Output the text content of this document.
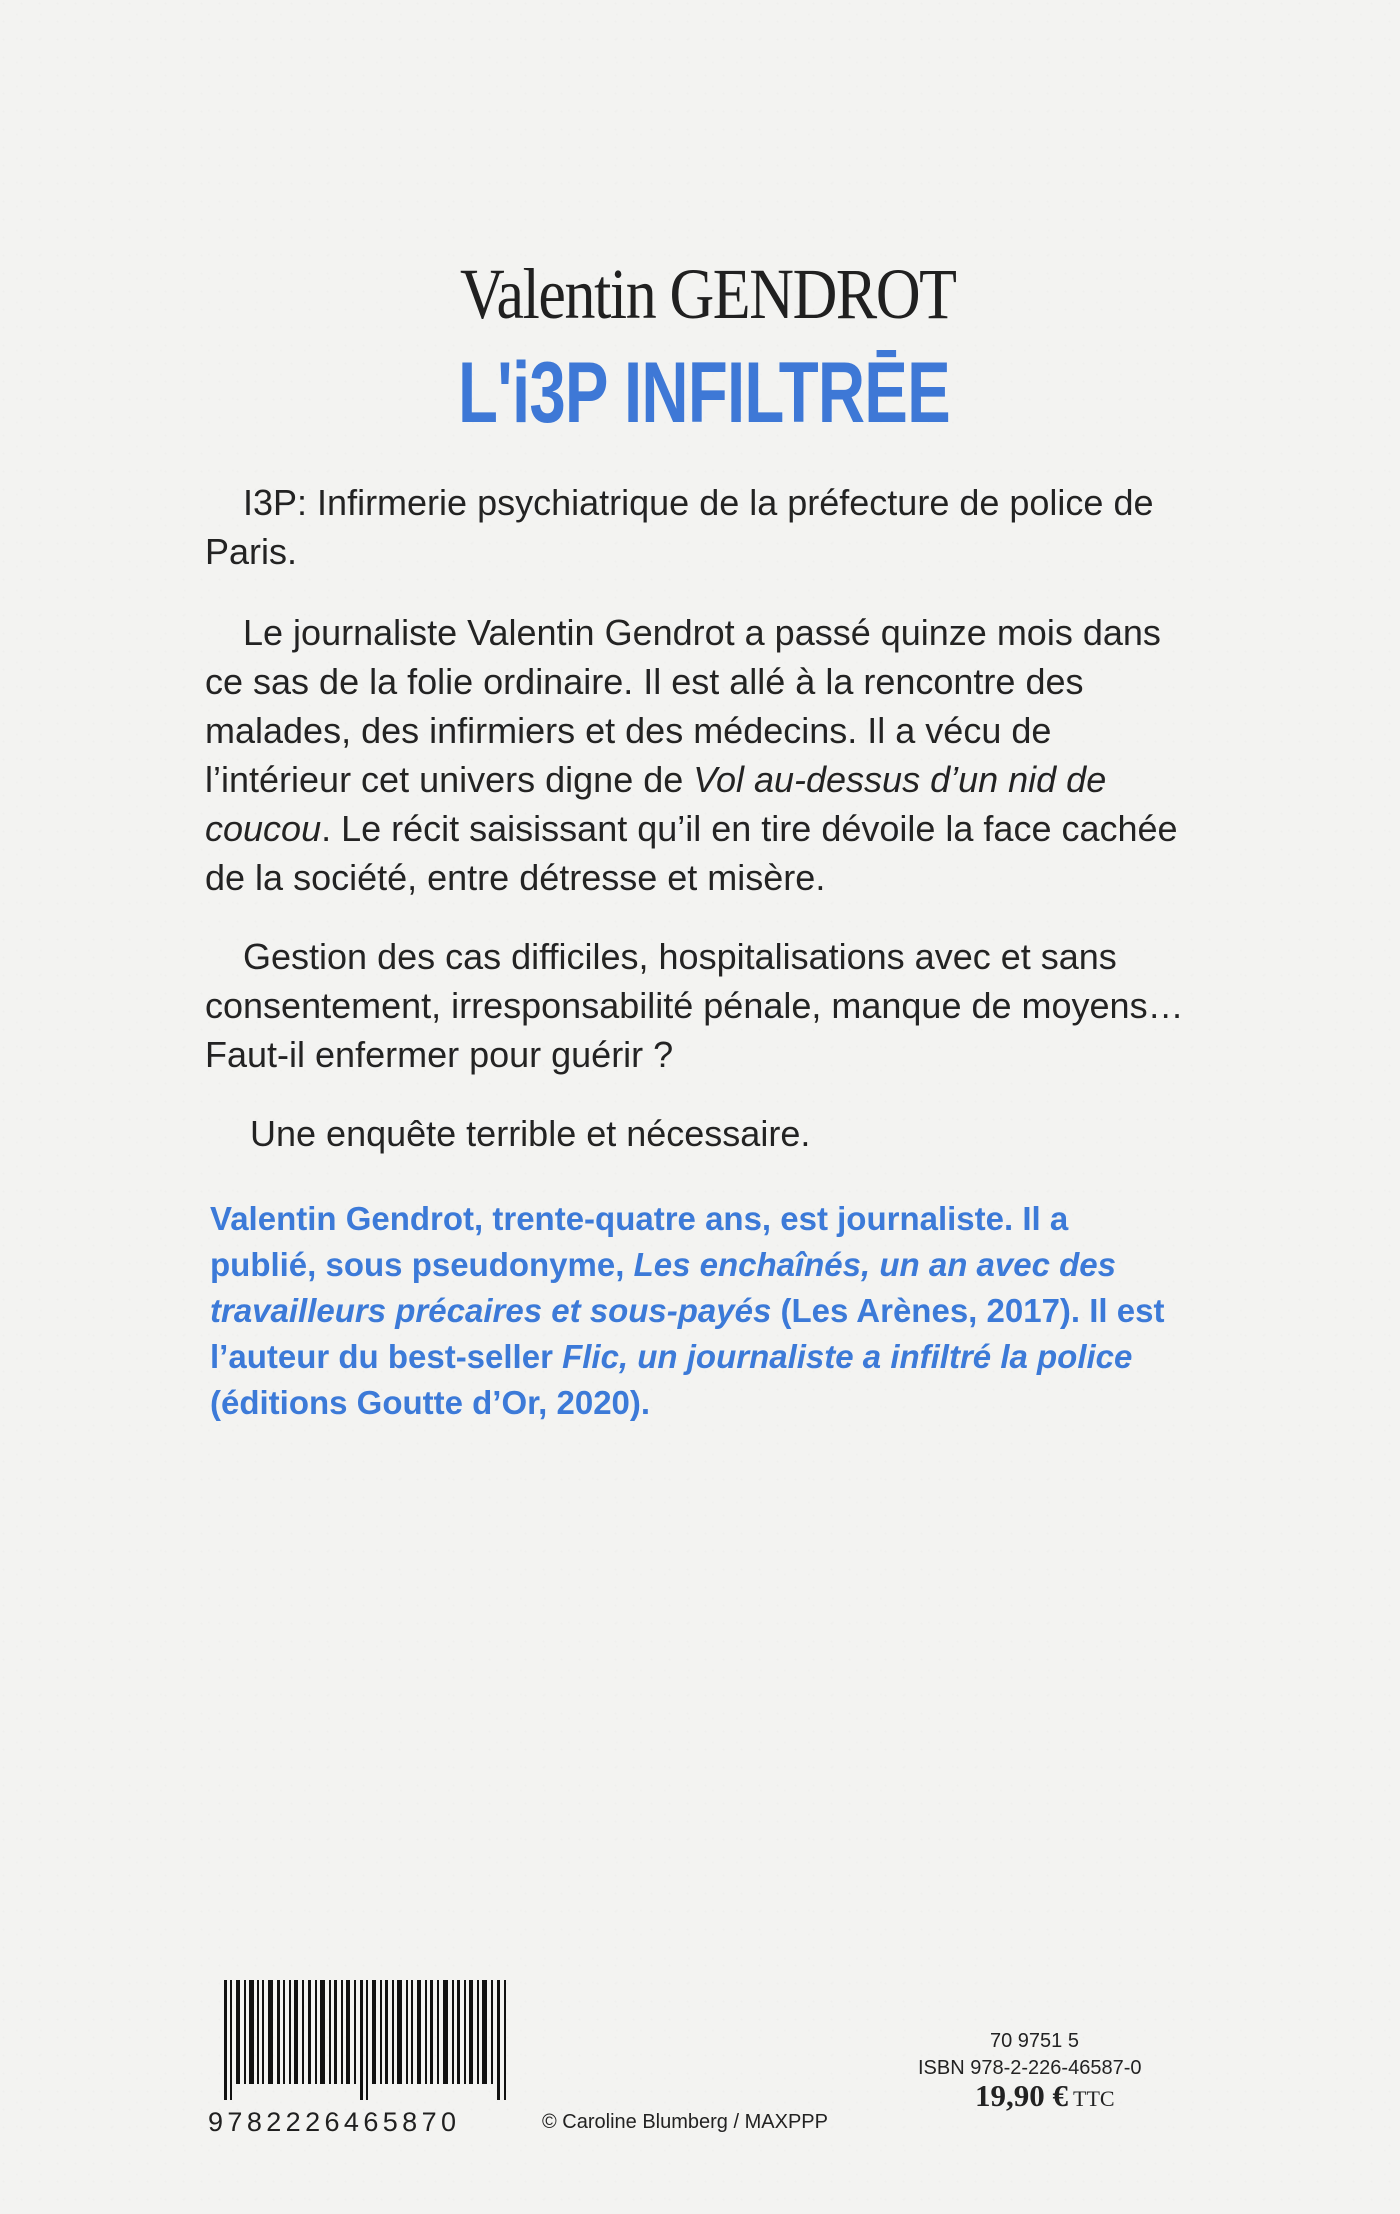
Valentin GENDROT
L'i3P INFILTRĒE

I3P: Infirmerie psychiatrique de la préfecture de police de Paris.

Le journaliste Valentin Gendrot a passé quinze mois dans ce sas de la folie ordinaire. Il est allé à la rencontre des malades, des infirmiers et des médecins. Il a vécu de l’intérieur cet univers digne de Vol au-dessus d’un nid de coucou. Le récit saisissant qu’il en tire dévoile la face cachée de la société, entre détresse et misère.

Gestion des cas difficiles, hospitalisations avec et sans consentement, irresponsabilité pénale, manque de moyens… Faut-il enfermer pour guérir ?

Une enquête terrible et nécessaire.

Valentin Gendrot, trente-quatre ans, est journaliste. Il a publié, sous pseudonyme, Les enchaînés, un an avec des travailleurs précaires et sous-payés (Les Arènes, 2017). Il est l’auteur du best-seller Flic, un journaliste a infiltré la police (éditions Goutte d’Or, 2020).

9782226465870	© Caroline Blumberg / MAXPPP
70 9751 5
ISBN 978-2-226-46587-0
19,90 € TTC
